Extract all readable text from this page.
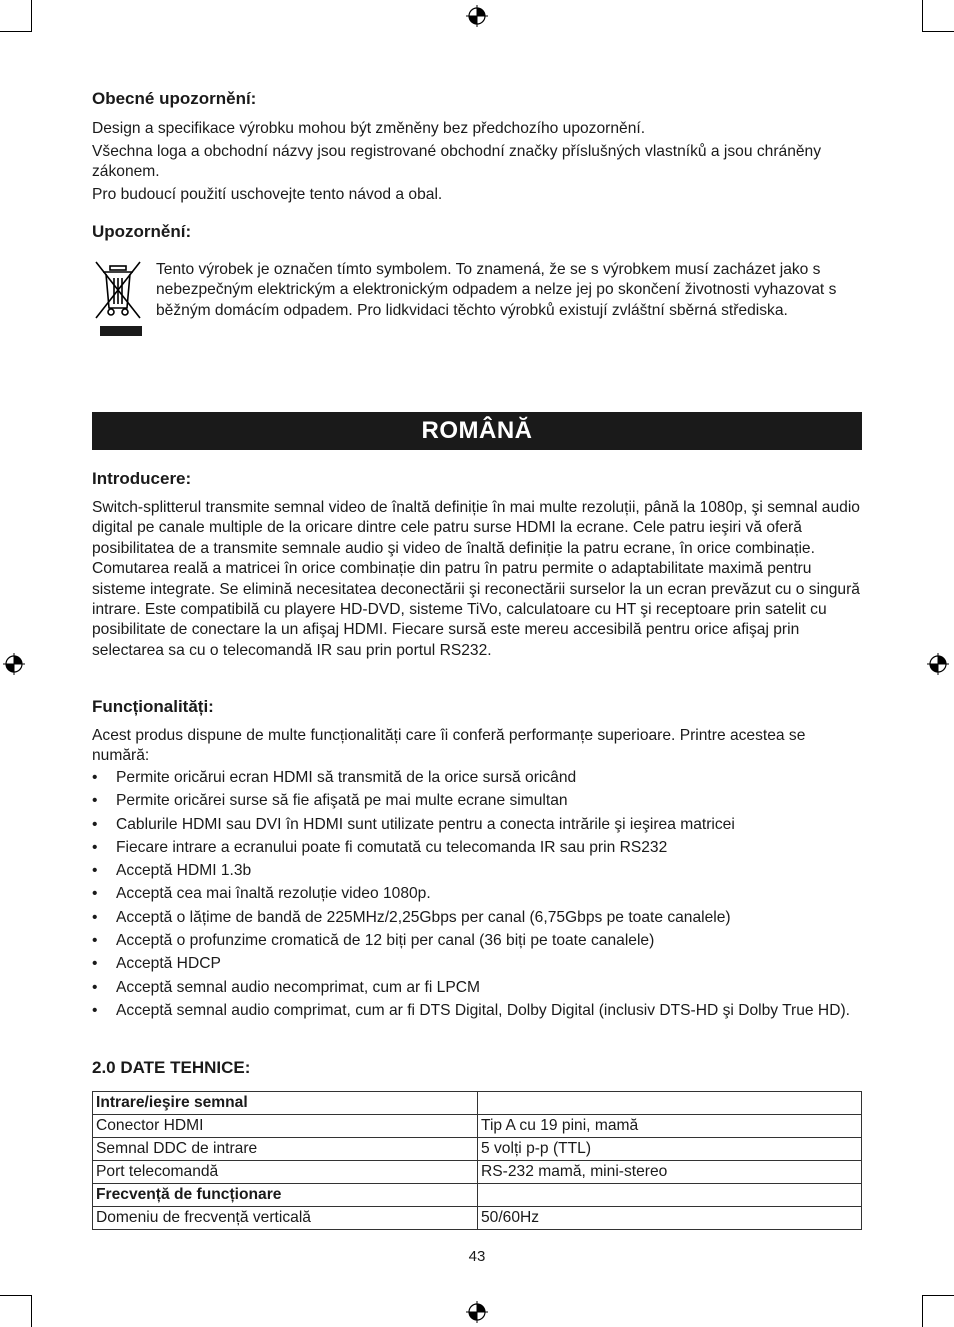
Obecné upozornění:

Design a specifikace výrobku mohou být změněny bez předchozího upozornění.

Všechna loga a obchodní názvy jsou registrované obchodní značky příslušných vlastníků a jsou chráněny zákonem.

Pro budoucí použití uschovejte tento návod a obal.

Upozornění:

Tento výrobek je označen tímto symbolem. To znamená, že se s výrobkem musí zacházet jako s nebezpečným elektrickým a elektronickým odpadem a nelze jej po skončení životnosti vyhazovat s běžným domácím odpadem. Pro lidkvidaci těchto výrobků existují zvláštní sběrná střediska.

ROMÂNĂ
Introducere:

Switch-splitterul transmite semnal video de înaltă definiție în mai multe rezoluții, până la 1080p, şi semnal audio digital pe canale multiple de la oricare dintre cele patru surse HDMI la ecrane. Cele patru ieşiri vă oferă posibilitatea de a transmite semnale audio şi video de înaltă definiție la patru ecrane, în orice combinație. Comutarea reală a matricei în orice combinație din patru în patru permite o adaptabilitate maximă pentru sisteme integrate. Se elimină necesitatea deconectării şi reconectării surselor la un ecran prevăzut cu o singură intrare. Este compatibilă cu playere HD-DVD, sisteme TiVo, calculatoare cu HT şi receptoare prin satelit cu posibilitate de conectare la un afişaj HDMI. Fiecare sursă este mereu accesibilă pentru orice afişaj prin selectarea sa cu o telecomandă IR sau prin portul RS232.

Funcționalități:

Acest produs dispune de multe funcționalități care îi conferă performanțe superioare. Printre acestea se numără:

• Permite oricărui ecran HDMI să transmită de la orice sursă oricând
• Permite oricărei surse să fie afişată pe mai multe ecrane simultan
• Cablurile HDMI sau DVI în HDMI sunt utilizate pentru a conecta intrările şi ieşirea matricei
• Fiecare intrare a ecranului poate fi comutată cu telecomanda IR sau prin RS232
• Acceptă HDMI 1.3b
• Acceptă cea mai înaltă rezoluție video 1080p.
• Acceptă o lățime de bandă de 225MHz/2,25Gbps per canal (6,75Gbps pe toate canalele)
• Acceptă o profunzime cromatică de 12 biți per canal (36 biți pe toate canalele)
• Acceptă HDCP
• Acceptă semnal audio necomprimat, cum ar fi LPCM
• Acceptă semnal audio comprimat, cum ar fi DTS Digital, Dolby Digital (inclusiv DTS-HD şi Dolby True HD).
2.0 DATE TEHNICE:
Intrare/ieşire semnal	
Conector HDMI	Tip A cu 19 pini, mamă
Semnal DDC de intrare	5 volți p-p (TTL)
Port telecomandă	RS-232 mamă, mini-stereo
Frecvență de funcționare	
Domeniu de frecvență verticală	50/60Hz
43
